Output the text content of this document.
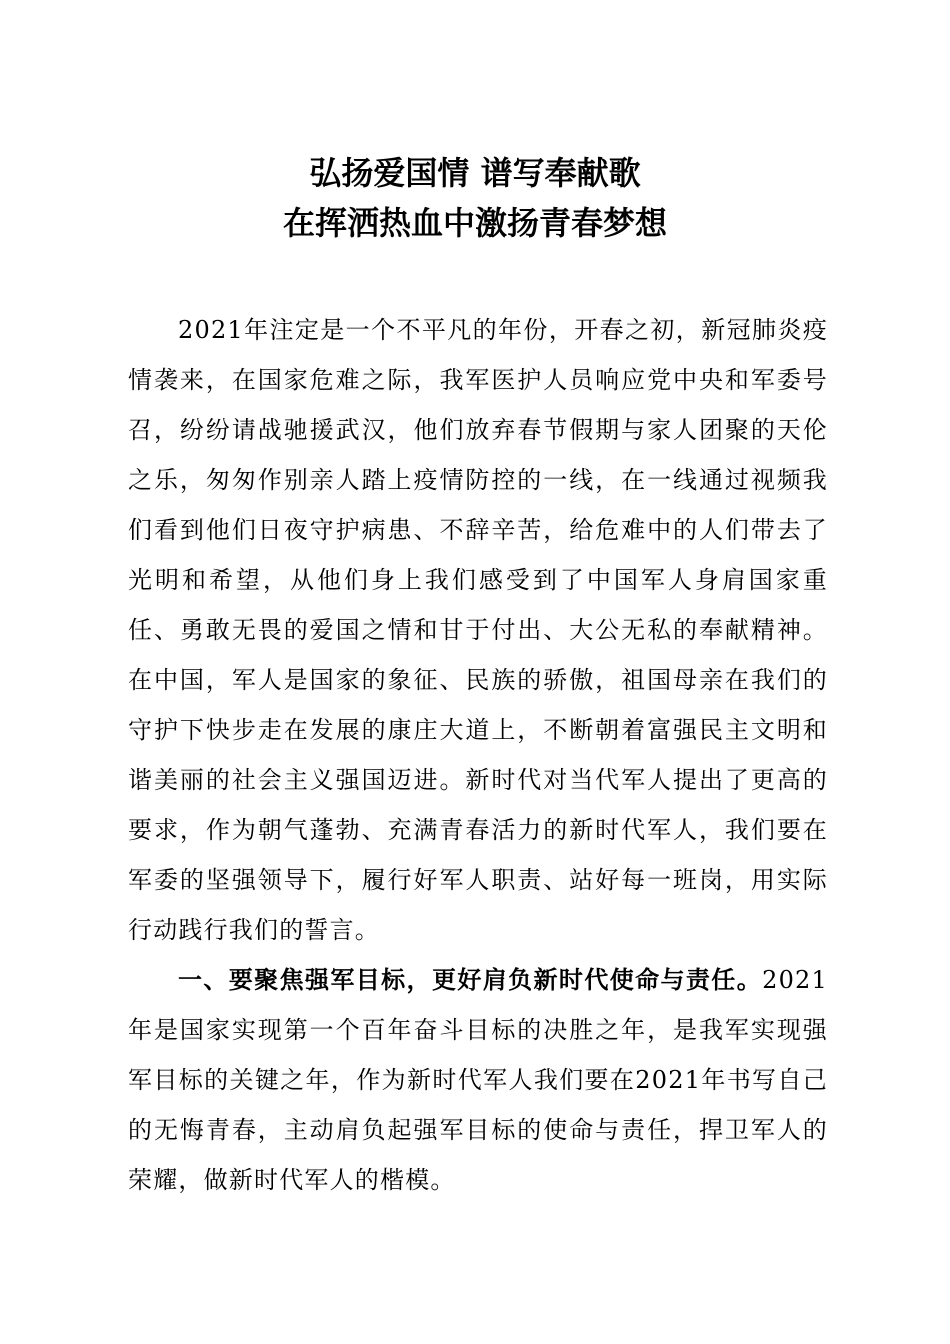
弘扬爱国情 谱写奉献歌
在挥洒热血中激扬青春梦想

2021年注定是一个不平凡的年份，开春之初，新冠肺炎疫情袭来，在国家危难之际，我军医护人员响应党中央和军委号召，纷纷请战驰援武汉，他们放弃春节假期与家人团聚的天伦之乐，匆匆作别亲人踏上疫情防控的一线，在一线通过视频我们看到他们日夜守护病患、不辞辛苦，给危难中的人们带去了光明和希望，从他们身上我们感受到了中国军人身肩国家重任、勇敢无畏的爱国之情和甘于付出、大公无私的奉献精神。在中国，军人是国家的象征、民族的骄傲，祖国母亲在我们的守护下快步走在发展的康庄大道上，不断朝着富强民主文明和谐美丽的社会主义强国迈进。新时代对当代军人提出了更高的要求，作为朝气蓬勃、充满青春活力的新时代军人，我们要在军委的坚强领导下，履行好军人职责、站好每一班岗，用实际行动践行我们的誓言。

一、要聚焦强军目标，更好肩负新时代使命与责任。2021年是国家实现第一个百年奋斗目标的决胜之年，是我军实现强军目标的关键之年，作为新时代军人我们要在2021年书写自己的无悔青春，主动肩负起强军目标的使命与责任，捍卫军人的荣耀，做新时代军人的楷模。
